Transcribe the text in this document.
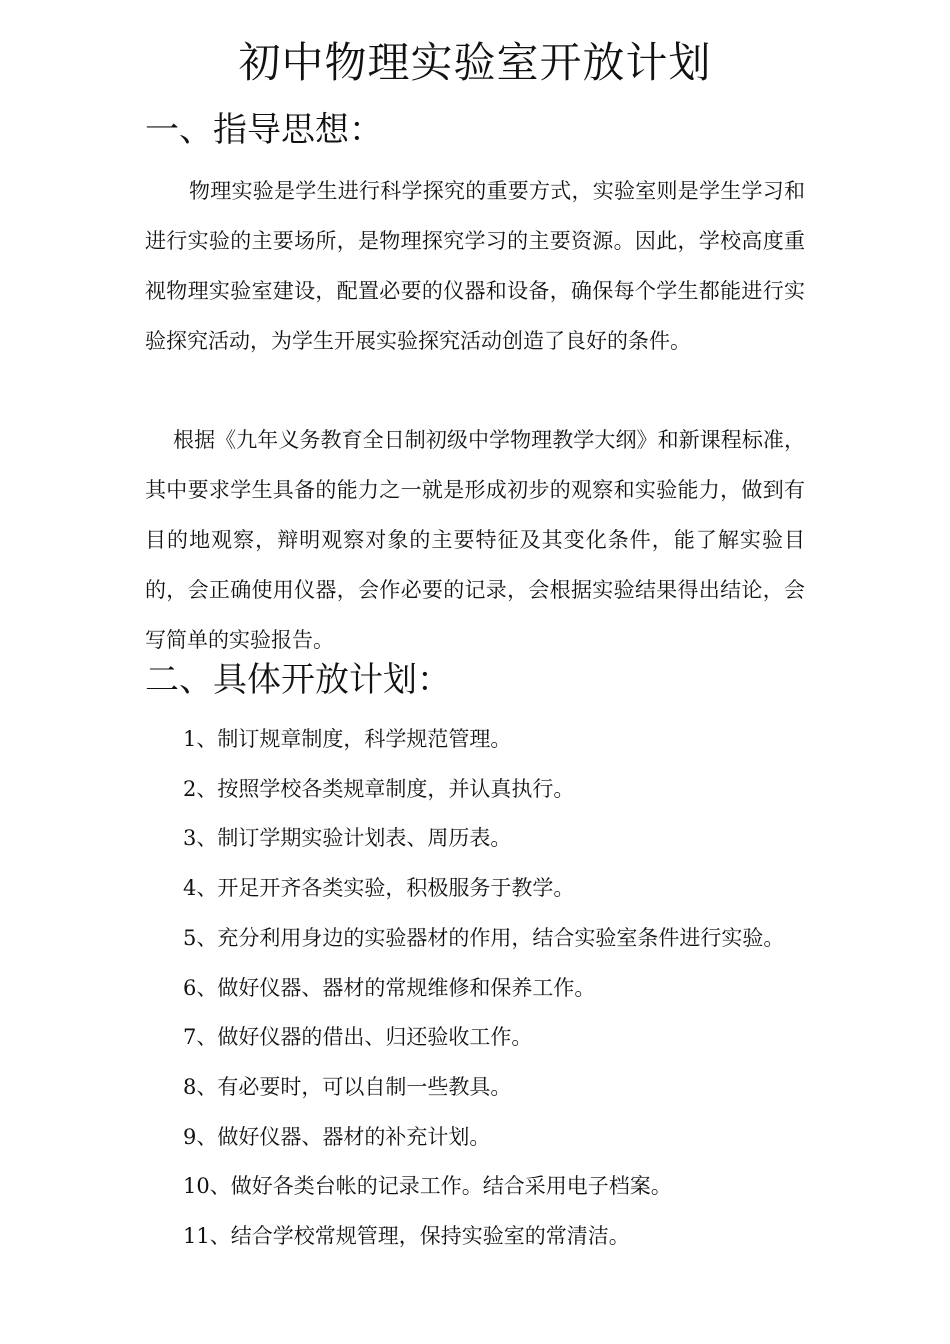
初中物理实验室开放计划
一、指导思想：

物理实验是学生进行科学探究的重要方式，实验室则是学生学习和进行实验的主要场所，是物理探究学习的主要资源。因此，学校高度重视物理实验室建设，配置必要的仪器和设备，确保每个学生都能进行实验探究活动，为学生开展实验探究活动创造了良好的条件。

根据《九年义务教育全日制初级中学物理教学大纲》和新课程标准，其中要求学生具备的能力之一就是形成初步的观察和实验能力，做到有目的地观察，辩明观察对象的主要特征及其变化条件，能了解实验目的，会正确使用仪器，会作必要的记录，会根据实验结果得出结论，会写简单的实验报告。

二、具体开放计划：
1、制订规章制度，科学规范管理。
2、按照学校各类规章制度，并认真执行。
3、制订学期实验计划表、周历表。
4、开足开齐各类实验，积极服务于教学。
5、充分利用身边的实验器材的作用，结合实验室条件进行实验。
6、做好仪器、器材的常规维修和保养工作。
7、做好仪器的借出、归还验收工作。
8、有必要时，可以自制一些教具。
9、做好仪器、器材的补充计划。
10、做好各类台帐的记录工作。结合采用电子档案。
11、结合学校常规管理，保持实验室的常清洁。
